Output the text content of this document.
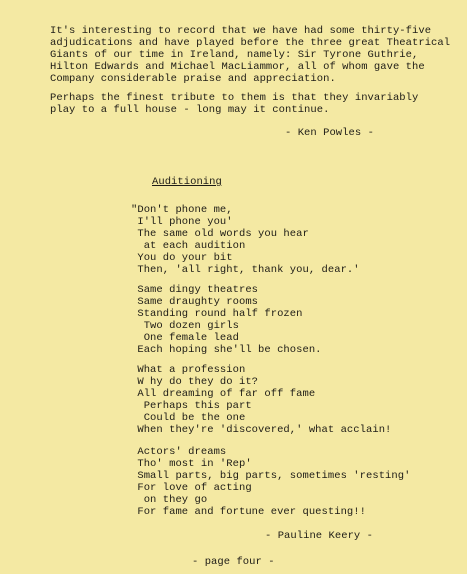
It's interesting to record that we have had some thirty-five
adjudications and have played before the three great Theatrical
Giants of our time in Ireland, namely: Sir Tyrone Guthrie,
Hilton Edwards and Michael MacLiammor, all of whom gave the
Company considerable praise and appreciation.
Perhaps the finest tribute to them is that they invariably
play to a full house - long may it continue.
- Ken Powles -
Auditioning
"Don't phone me,
I'll phone you'
The same old words you hear
at each audition
You do your bit
Then, 'all right, thank you, dear.'
Same dingy theatres
Same draughty rooms
Standing round half frozen
Two dozen girls
One female lead
Each hoping she'll be chosen.
What a profession
W hy do they do it?
All dreaming of far off fame
Perhaps this part
Could be the one
When they're 'discovered,' what acclain!
Actors' dreams
Tho' most in 'Rep'
Small parts, big parts, sometimes 'resting'
For love of acting
on they go
For fame and fortune ever questing!!
- Pauline Keery -
- page four -
